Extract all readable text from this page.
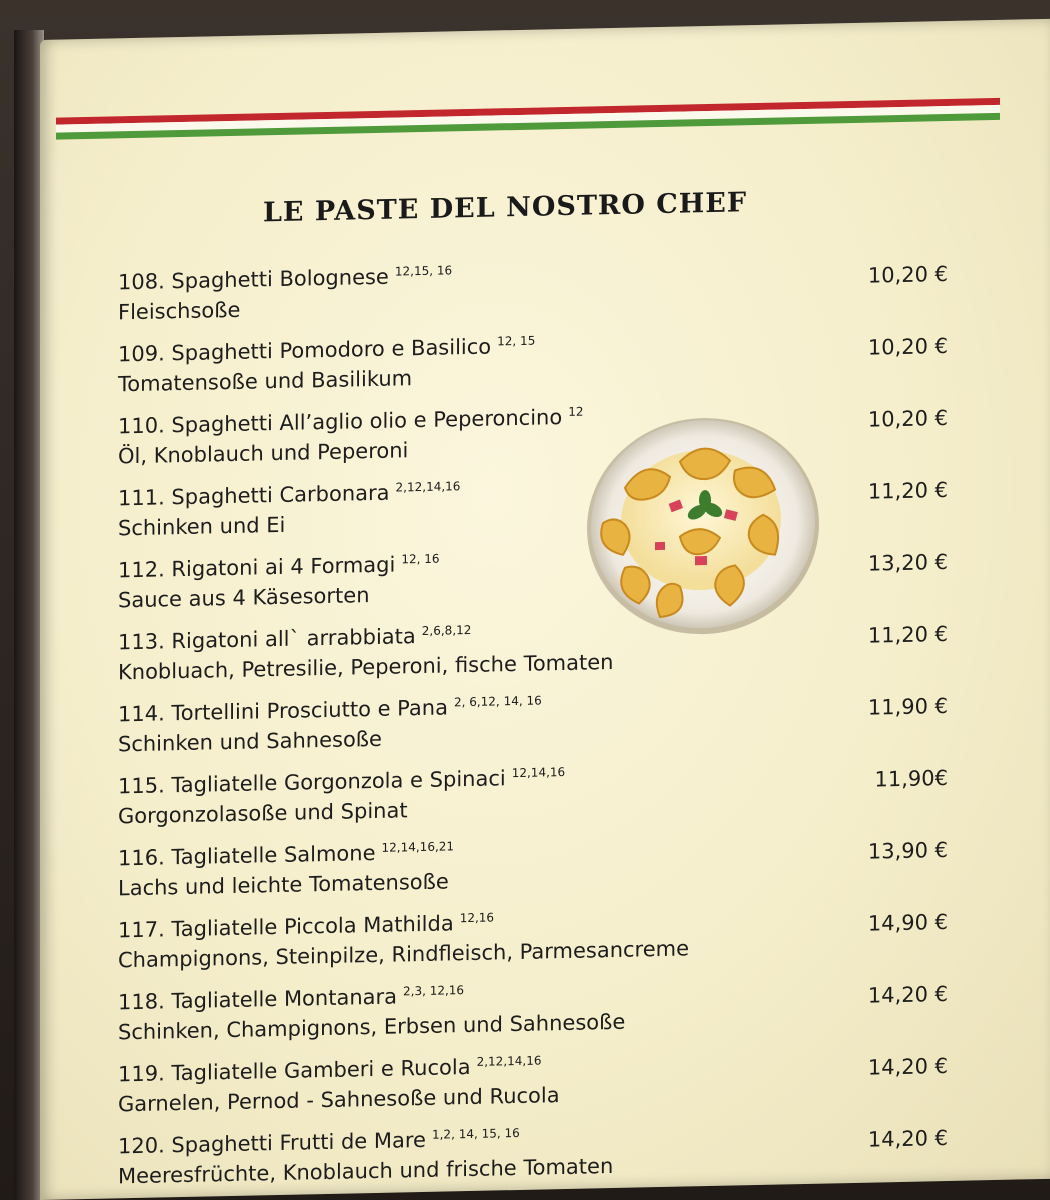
LE PASTE DEL NOSTRO CHEF
108. Spaghetti Bolognese $^{12,15, 16}$
Fleischsoße
10,20 €
109. Spaghetti Pomodoro e Basilico $^{12, 15}$
Tomatensoße und Basilikum
10,20 €
110. Spaghetti All’aglio olio e Peperoncino $^{12}$
Öl, Knoblauch und Peperoni
10,20 €
111. Spaghetti Carbonara $^{2,12,14,16}$
Schinken und Ei
11,20 €
112. Rigatoni ai 4 Formagi $^{12, 16}$
Sauce aus 4 Käsesorten
13,20 €
113. Rigatoni all` arrabbiata $^{2,6,8,12}$
Knobluach, Petresilie, Peperoni, fische Tomaten
11,20 €
114. Tortellini Prosciutto e Pana $^{2, 6,12, 14, 16}$
Schinken und Sahnesoße
11,90 €
115. Tagliatelle Gorgonzola e Spinaci $^{12,14,16}$
Gorgonzolasoße und Spinat
11,90€
116. Tagliatelle Salmone $^{12,14,16,21}$
Lachs und leichte Tomatensoße
13,90 €
117. Tagliatelle Piccola Mathilda $^{12,16}$
Champignons, Steinpilze, Rindfleisch, Parmesancreme
14,90 €
118. Tagliatelle Montanara $^{2,3, 12,16}$
Schinken, Champignons, Erbsen und Sahnesoße
14,20 €
119. Tagliatelle Gamberi e Rucola $^{2,12,14,16}$
Garnelen, Pernod - Sahnesoße und Rucola
14,20 €
120. Spaghetti Frutti de Mare $^{1,2, 14, 15, 16}$
Meeresfrüchte, Knoblauch und frische Tomaten
14,20 €
